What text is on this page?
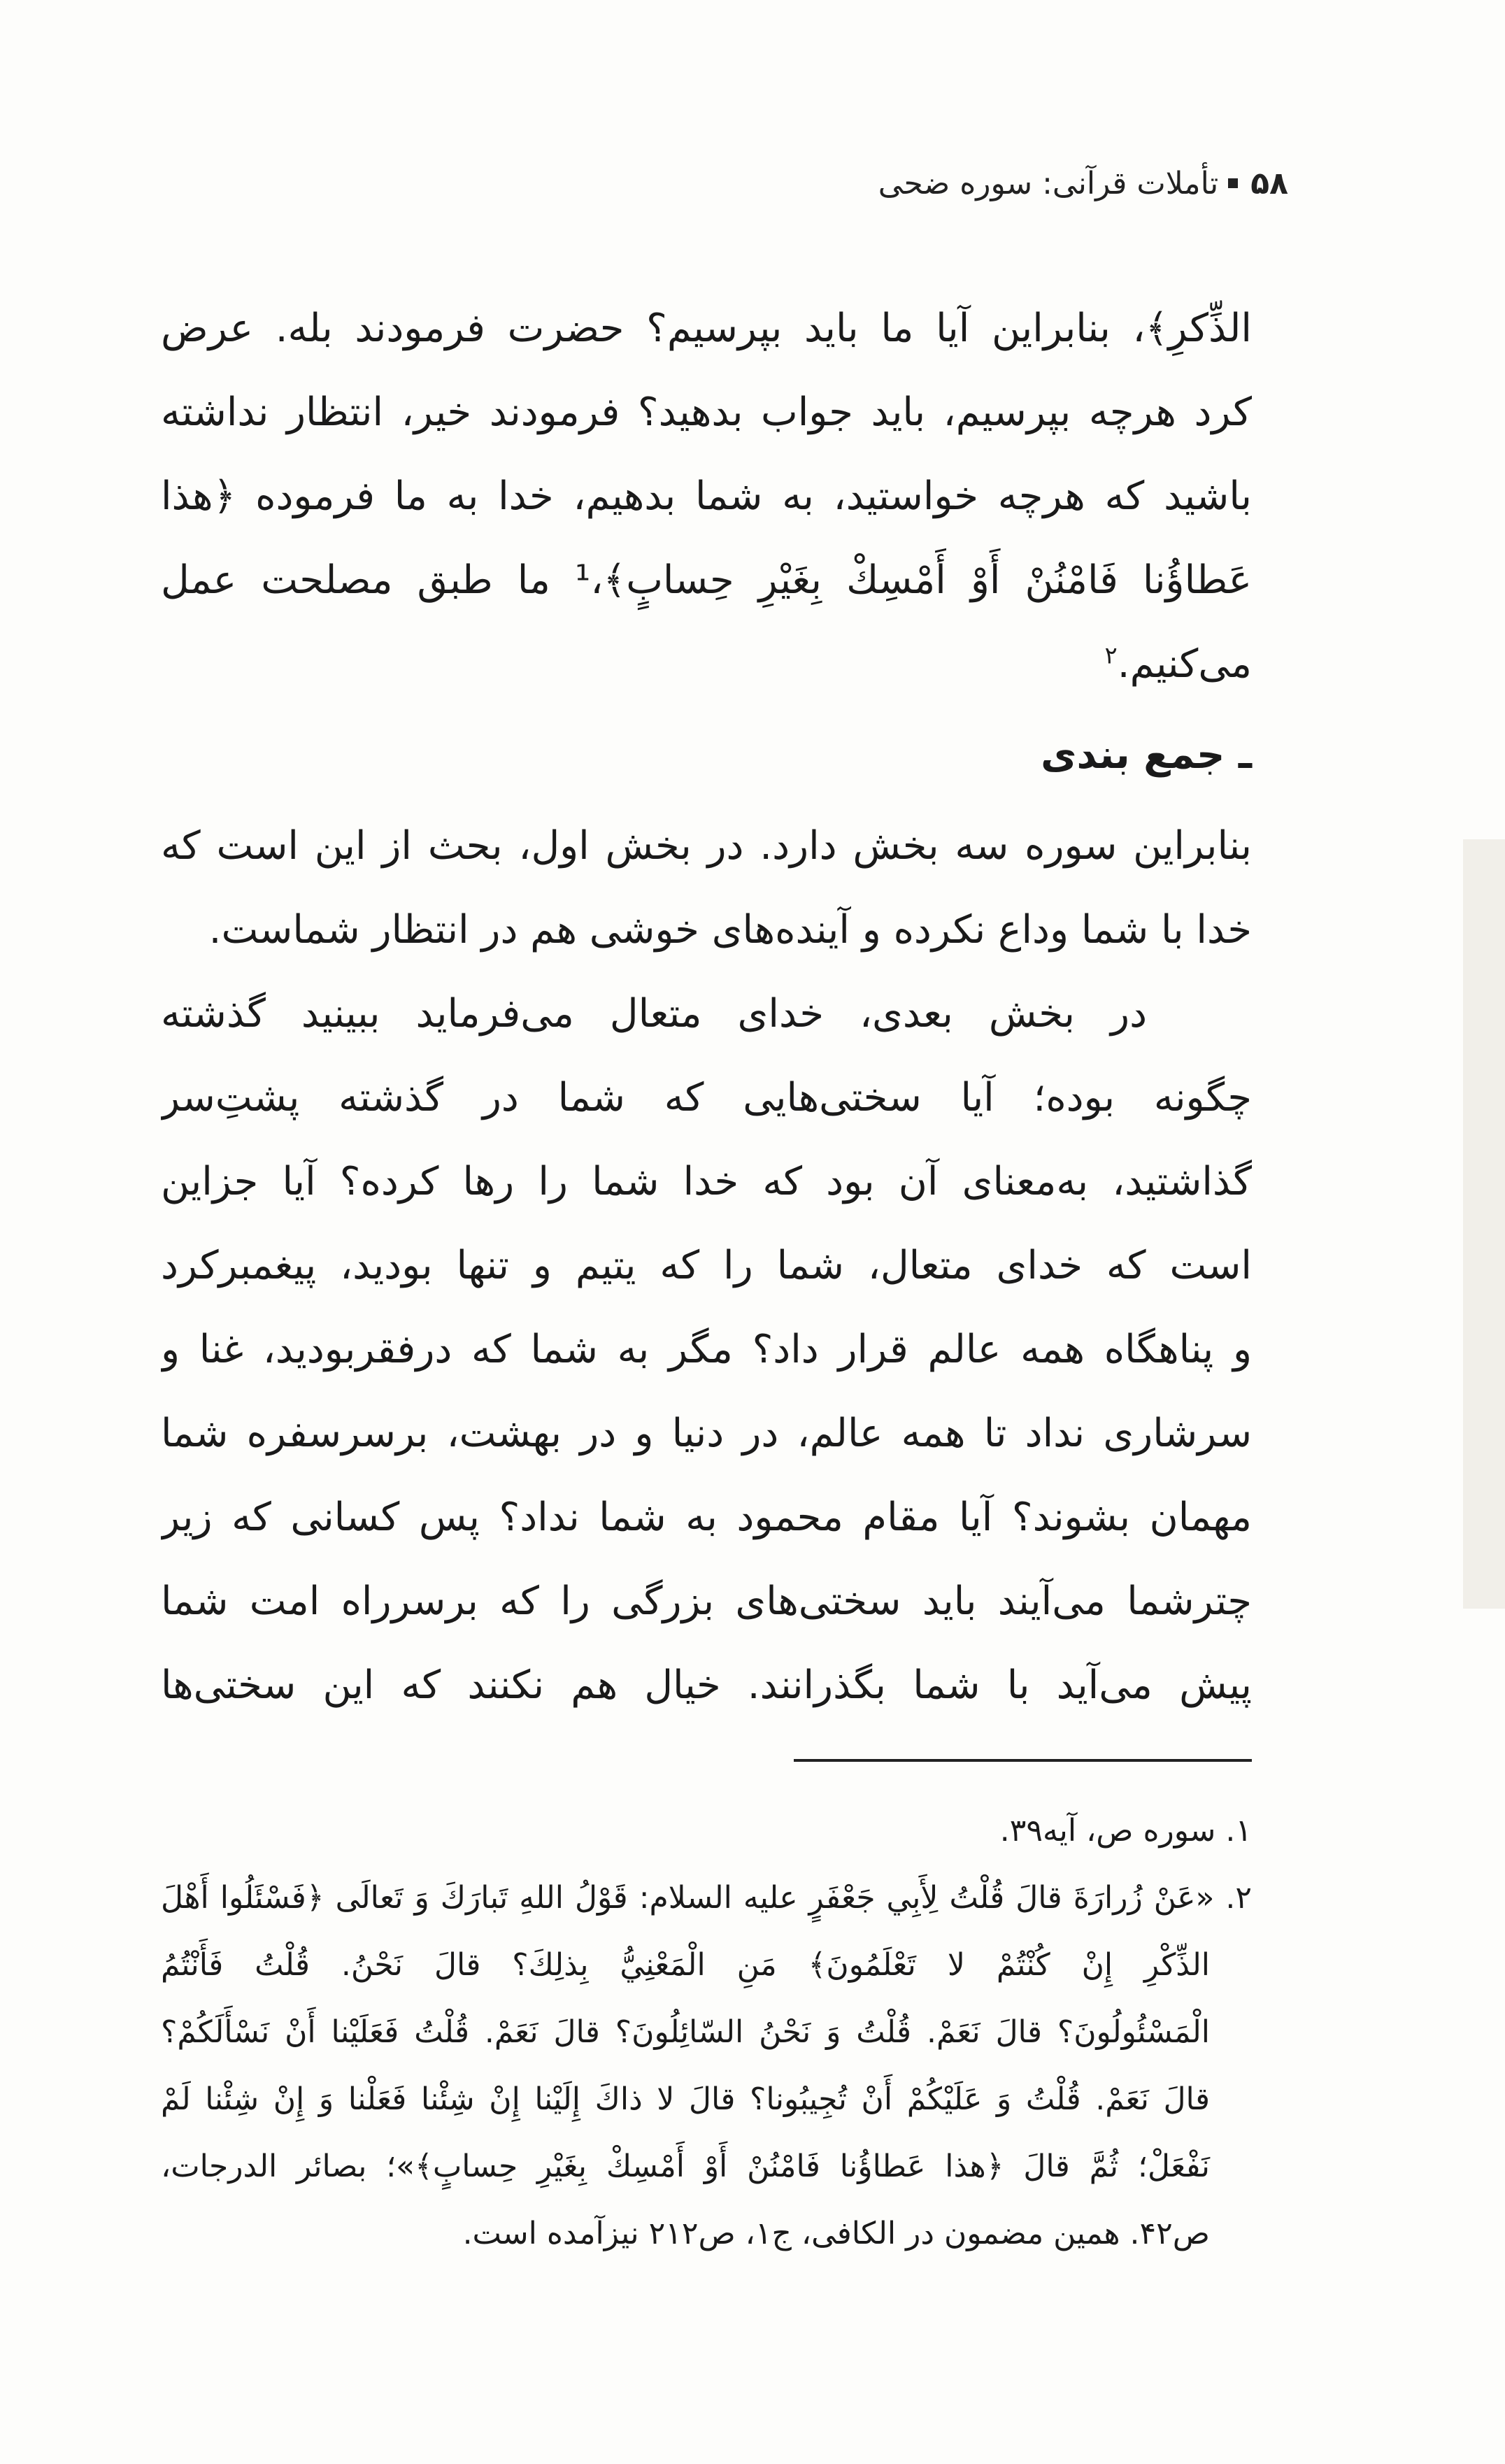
۵۸تأملات قرآنی: سوره ضحی
الذِّكرِ﴾، بنابراین آیا ما باید بپرسیم؟ حضرت فرمودند بله. عرض
کرد هرچه بپرسیم، باید جواب بدهید؟ فرمودند خیر، انتظار نداشته
باشید که هرچه خواستید، به شما بدهیم، خدا به ما فرموده ﴿هذا
عَطاؤُنا فَامْنُنْ أَوْ أَمْسِكْ بِغَيْرِ حِسابٍ﴾،¹ ما طبق مصلحت عمل
می‌کنیم.$^۲$
ـ جمع بندی
بنابراین سوره سه بخش دارد. در بخش اول، بحث از این است که
خدا با شما وداع نکرده و آینده‌های خوشی هم در انتظار شماست.
در بخش بعدی، خدای متعال می‌فرماید ببینید گذشته
چگونه بوده؛ آیا سختی‌هایی که شما در گذشته پشتِ‌سر
گذاشتید، به‌معنای آن بود که خدا شما را رها کرده؟ آیا جزاین
است که خدای متعال، شما را که یتیم و تنها بودید، پیغمبرکرد
و پناهگاه همه عالم قرار داد؟ مگر به شما که درفقربودید، غنا و
سرشاری نداد تا همه عالم، در دنیا و در بهشت، برسرسفره شما
مهمان بشوند؟ آیا مقام محمود به شما نداد؟ پس کسانی که زیر
چترشما می‌آیند باید سختی‌های بزرگی را که برسرراه امت شما
پیش می‌آید با شما بگذرانند. خیال هم نکنند که این سختی‌ها
۱. سوره ص، آیه۳۹.
۲. «عَنْ زُرارَةَ قالَ قُلْتُ لِأَبِي جَعْفَرٍ عليه السلام: قَوْلُ اللهِ تَبارَكَ وَ تَعالَى ﴿فَسْئَلُوا أَهْلَ
الذِّكْرِ إِنْ كُنْتُمْ لا تَعْلَمُونَ﴾ مَنِ الْمَعْنِيُّ بِذلِكَ؟ قالَ نَحْنُ. قُلْتُ فَأَنْتُمُ
الْمَسْئُولُونَ؟ قالَ نَعَمْ. قُلْتُ وَ نَحْنُ السّائِلُونَ؟ قالَ نَعَمْ. قُلْتُ فَعَلَيْنا أَنْ نَسْأَلَكُمْ؟
قالَ نَعَمْ. قُلْتُ وَ عَلَيْكُمْ أَنْ تُجِيبُونا؟ قالَ لا ذاكَ إِلَيْنا إِنْ شِئْنا فَعَلْنا وَ إِنْ شِئْنا لَمْ
نَفْعَلْ؛ ثُمَّ قالَ ﴿هذا عَطاؤُنا فَامْنُنْ أَوْ أَمْسِكْ بِغَيْرِ حِسابٍ﴾»؛ بصائر الدرجات،
ص۴۲. همین مضمون در الکافی، ج۱، ص۲۱۲ نیزآمده است.
